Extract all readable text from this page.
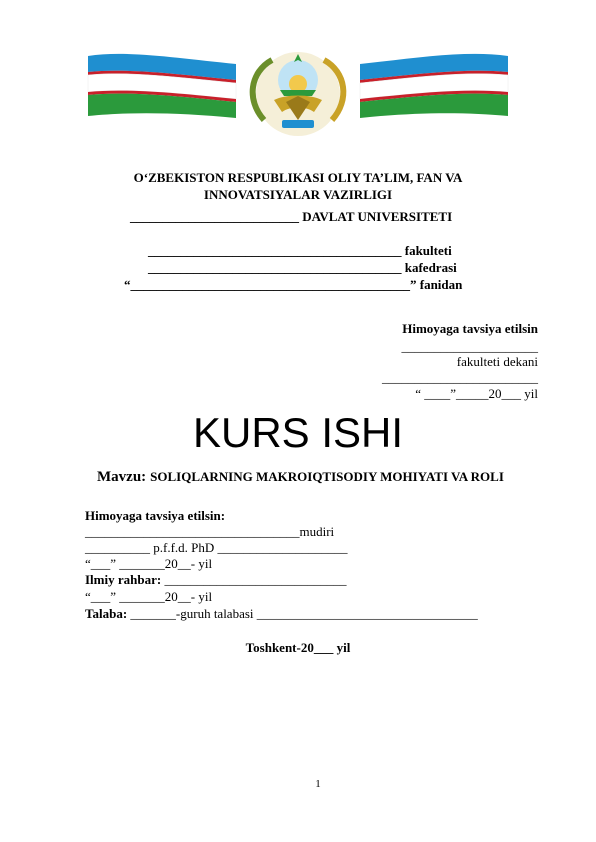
O‘ZBEKISTON RESPUBLIKASI OLIY TA’LIM, FAN VA
INNOVATSIYALAR VAZIRLIGI
__________________________ DAVLAT UNIVERSITETI
_______________________________________ fakulteti
_______________________________________ kafedrasi
“___________________________________________” fanidan
Himoyaga tavsiya etilsin
_____________________
fakulteti dekani
________________________
“ ____”_____20___ yil
KURS ISHI
Mavzu: SOLIQLARNING MAKROIQTISODIY MOHIYATI VA ROLI
Himoyaga tavsiya etilsin:
_________________________________mudiri
__________ p.f.f.d. PhD ____________________
“___” _______20__- yil
Ilmiy rahbar: ____________________________
“___” _______20__- yil
Talaba: _______-guruh talabasi __________________________________
Toshkent-20___ yil
1
